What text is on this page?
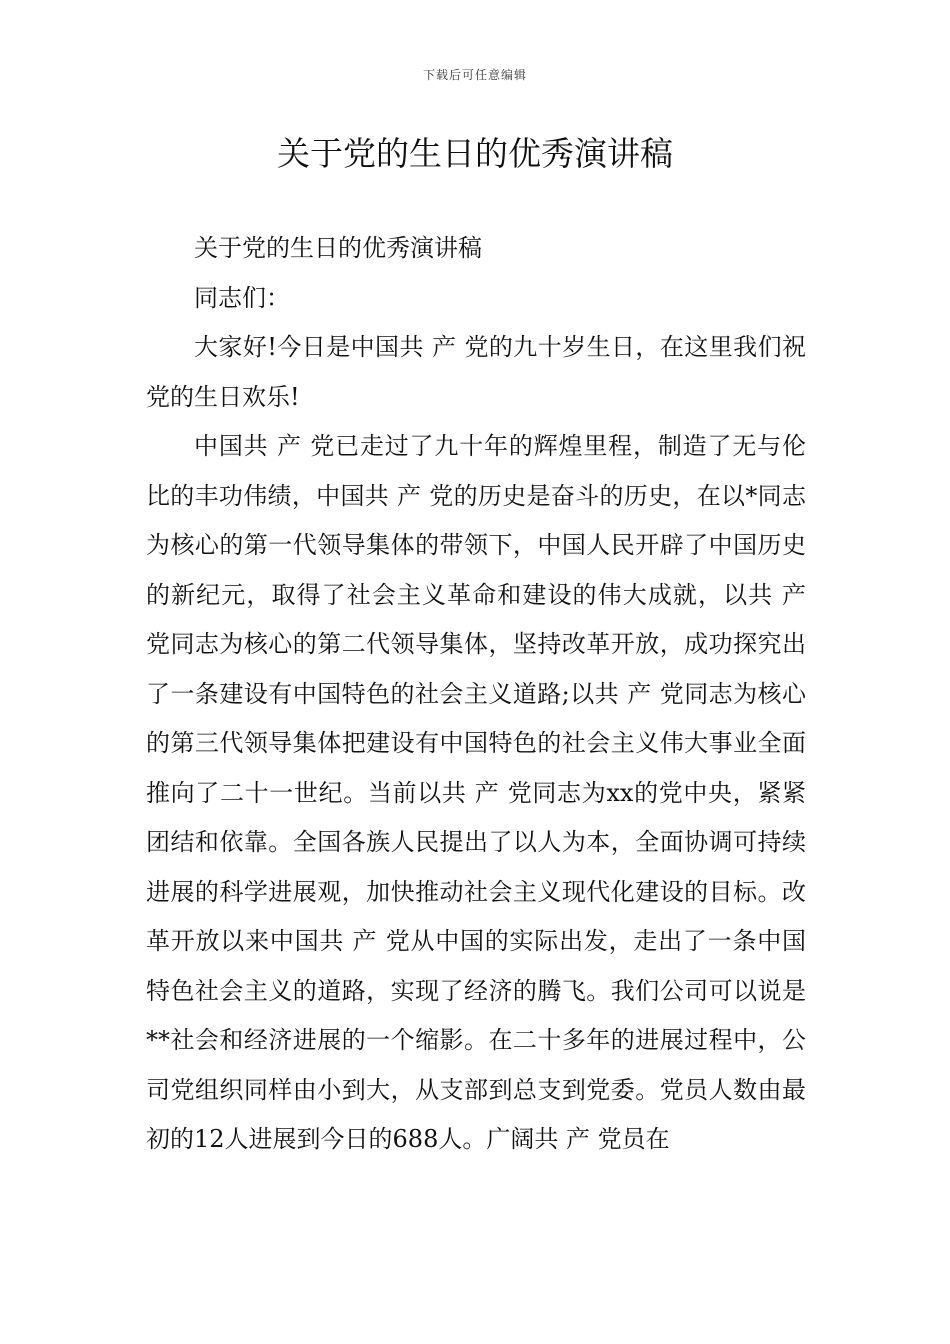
下载后可任意编辑
关于党的生日的优秀演讲稿

关于党的生日的优秀演讲稿

同志们：

大家好!今日是中国共 产 党的九十岁生日，在这里我们祝党的生日欢乐!

中国共 产 党已走过了九十年的辉煌里程，制造了无与伦比的丰功伟绩，中国共 产 党的历史是奋斗的历史，在以*同志为核心的第一代领导集体的带领下，中国人民开辟了中国历史的新纪元，取得了社会主义革命和建设的伟大成就，以共 产 党同志为核心的第二代领导集体，坚持改革开放，成功探究出了一条建设有中国特色的社会主义道路;以共 产 党同志为核心的第三代领导集体把建设有中国特色的社会主义伟大事业全面推向了二十一世纪。当前以共 产 党同志为xx的党中央，紧紧团结和依靠。全国各族人民提出了以人为本，全面协调可持续进展的科学进展观，加快推动社会主义现代化建设的目标。改革开放以来中国共 产 党从中国的实际出发，走出了一条中国特色社会主义的道路，实现了经济的腾飞。我们公司可以说是**社会和经济进展的一个缩影。在二十多年的进展过程中，公司党组织同样由小到大，从支部到总支到党委。党员人数由最初的12人进展到今日的688人。广阔共 产 党员在
